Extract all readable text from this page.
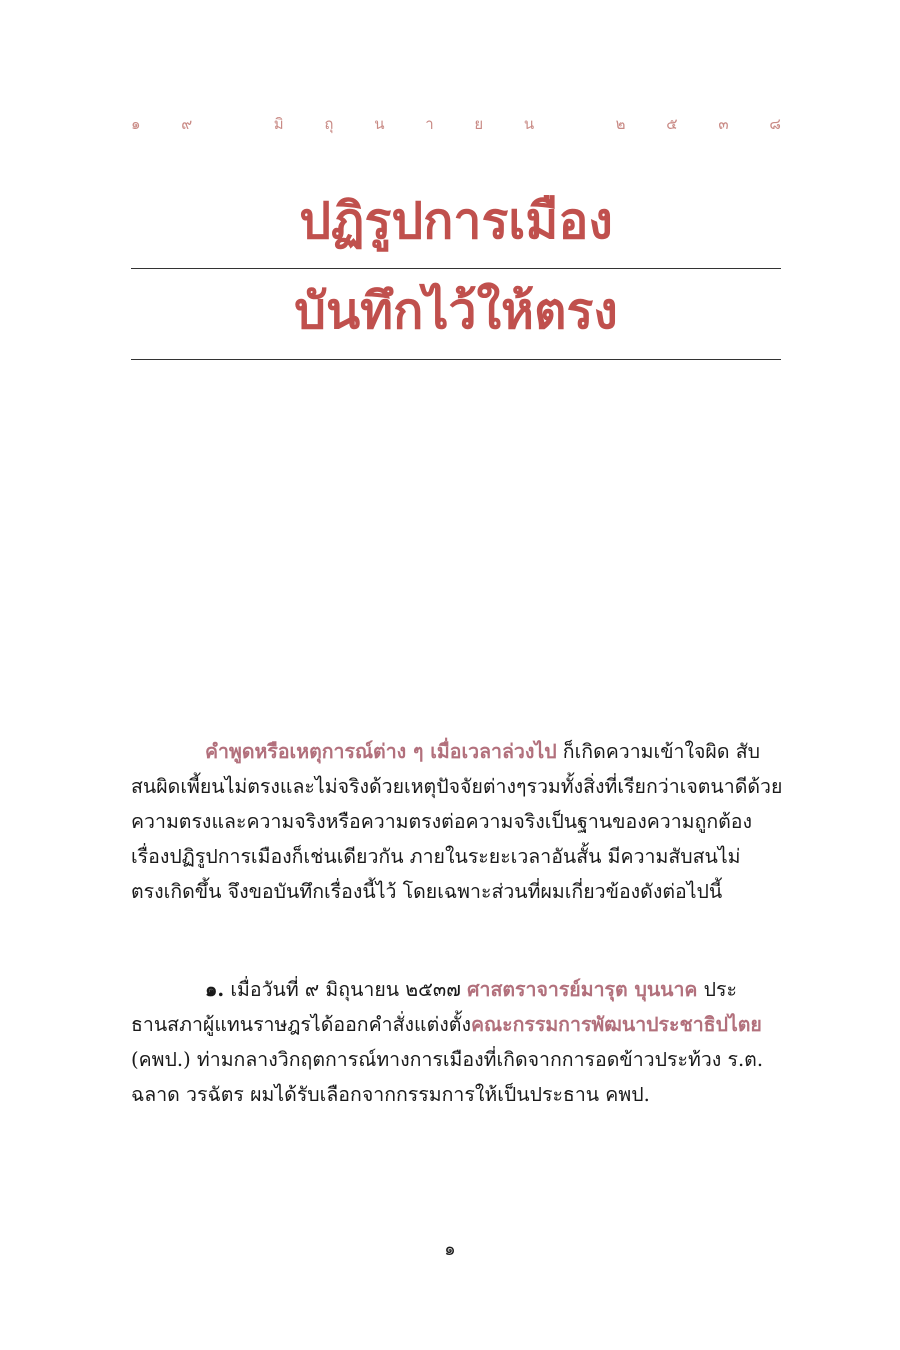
๑	๙	มิ	ถุ	น	า	ย	น	๒	๕	๓	๘
ปฏิรูปการเมือง
บันทึกไว้ให้ตรง
คำพูดหรือเหตุการณ์ต่าง ๆ เมื่อเวลาล่วงไป ก็เกิดความเข้าใจผิด สับ
สนผิดเพี้ยนไม่ตรงและไม่จริงด้วยเหตุปัจจัยต่างๆรวมทั้งสิ่งที่เรียกว่าเจตนาดีด้วย
ความตรงและความจริงหรือความตรงต่อความจริงเป็นฐานของความถูกต้อง
เรื่องปฏิรูปการเมืองก็เช่นเดียวกัน ภายในระยะเวลาอันสั้น มีความสับสนไม่
ตรงเกิดขึ้น จึงขอบันทึกเรื่องนี้ไว้ โดยเฉพาะส่วนที่ผมเกี่ยวข้องดังต่อไปนี้
๑. เมื่อวันที่ ๙ มิถุนายน ๒๕๓๗ ศาสตราจารย์มารุต บุนนาค ประ
ธานสภาผู้แทนราษฎรได้ออกคำสั่งแต่งตั้งคณะกรรมการพัฒนาประชาธิปไตย
(คพป.) ท่ามกลางวิกฤตการณ์ทางการเมืองที่เกิดจากการอดข้าวประท้วง ร.ต.
ฉลาด วรฉัตร ผมได้รับเลือกจากกรรมการให้เป็นประธาน คพป.
๑
